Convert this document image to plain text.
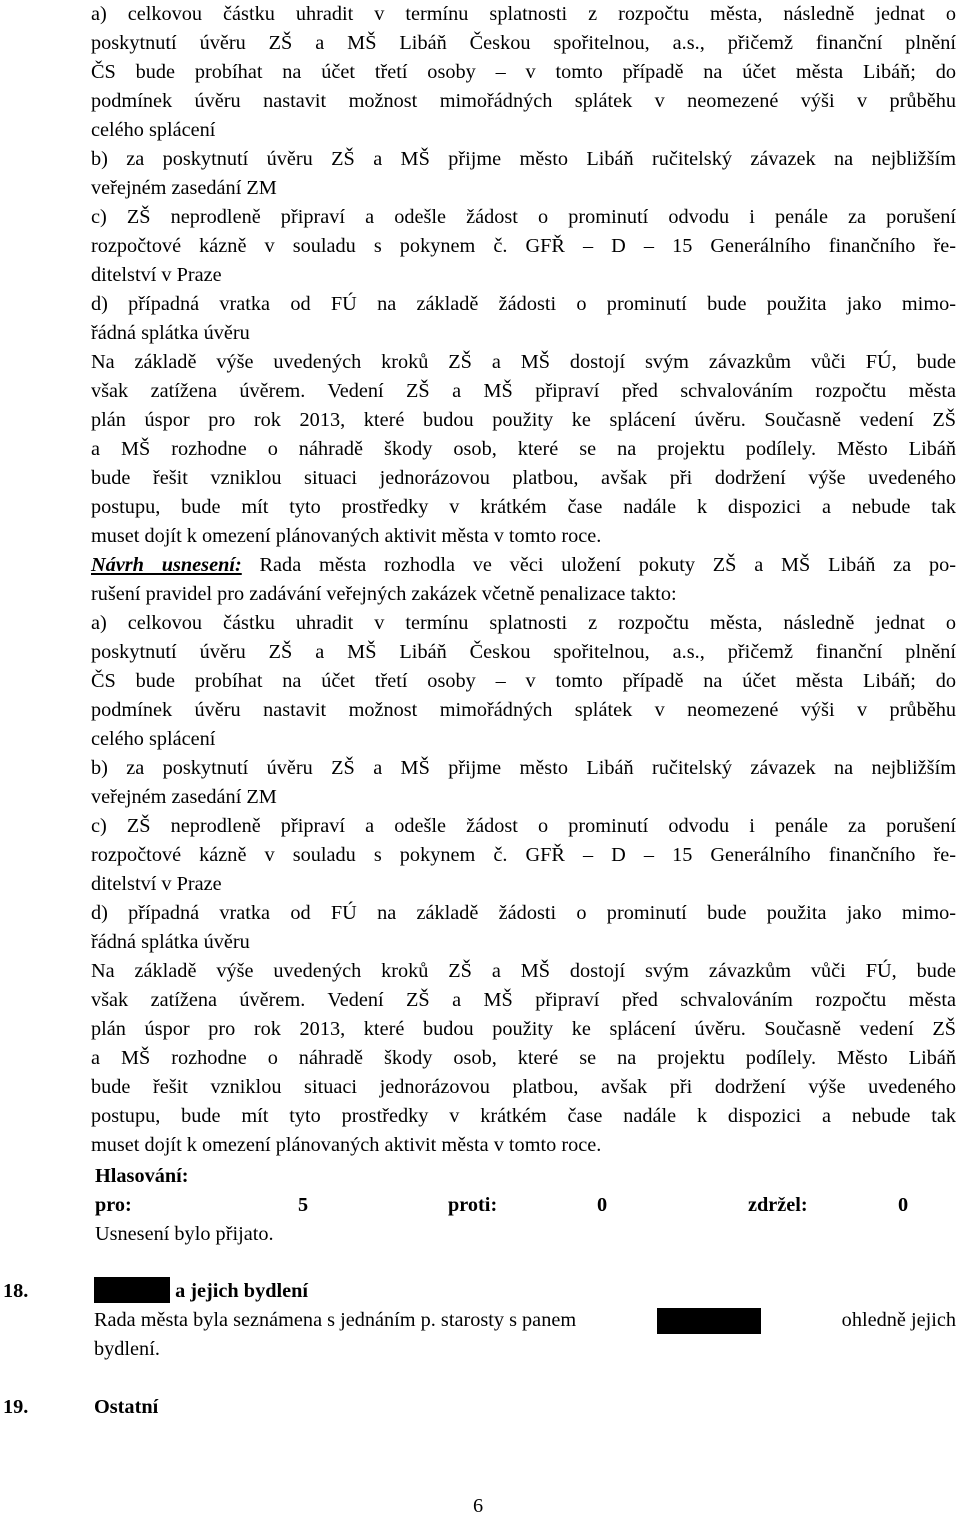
a) celkovou částku uhradit v termínu splatnosti z rozpočtu města, následně jednat o
poskytnutí úvěru ZŠ a MŠ Libáň Českou spořitelnou, a.s., přičemž finanční plnění
ČS bude probíhat na účet třetí osoby – v tomto případě na účet města Libáň; do
podmínek úvěru nastavit možnost mimořádných splátek v neomezené výši v průběhu
celého splácení
b) za poskytnutí úvěru ZŠ a MŠ přijme město Libáň ručitelský závazek na nejbližším
veřejném zasedání ZM
c) ZŠ neprodleně připraví a odešle žádost o prominutí odvodu i penále za porušení
rozpočtové kázně v souladu s pokynem č. GFŘ – D – 15 Generálního finančního ře-
ditelství v Praze
d) případná vratka od FÚ na základě žádosti o prominutí bude použita jako mimo-
řádná splátka úvěru
Na základě výše uvedených kroků ZŠ a MŠ dostojí svým závazkům vůči FÚ, bude
však zatížena úvěrem. Vedení ZŠ a MŠ připraví před schvalováním rozpočtu města
plán úspor pro rok 2013, které budou použity ke splácení úvěru. Současně vedení ZŠ
a MŠ rozhodne o náhradě škody osob, které se na projektu podílely. Město Libáň
bude řešit vzniklou situaci jednorázovou platbou, avšak při dodržení výše uvedeného
postupu, bude mít tyto prostředky v krátkém čase nadále k dispozici a nebude tak
muset dojít k omezení plánovaných aktivit města v tomto roce.
Návrh usnesení: Rada města rozhodla ve věci uložení pokuty ZŠ a MŠ Libáň za po-
rušení pravidel pro zadávání veřejných zakázek včetně penalizace takto:
a) celkovou částku uhradit v termínu splatnosti z rozpočtu města, následně jednat o
poskytnutí úvěru ZŠ a MŠ Libáň Českou spořitelnou, a.s., přičemž finanční plnění
ČS bude probíhat na účet třetí osoby – v tomto případě na účet města Libáň; do
podmínek úvěru nastavit možnost mimořádných splátek v neomezené výši v průběhu
celého splácení
b) za poskytnutí úvěru ZŠ a MŠ přijme město Libáň ručitelský závazek na nejbližším
veřejném zasedání ZM
c) ZŠ neprodleně připraví a odešle žádost o prominutí odvodu i penále za porušení
rozpočtové kázně v souladu s pokynem č. GFŘ – D – 15 Generálního finančního ře-
ditelství v Praze
d) případná vratka od FÚ na základě žádosti o prominutí bude použita jako mimo-
řádná splátka úvěru
Na základě výše uvedených kroků ZŠ a MŠ dostojí svým závazkům vůči FÚ, bude
však zatížena úvěrem. Vedení ZŠ a MŠ připraví před schvalováním rozpočtu města
plán úspor pro rok 2013, které budou použity ke splácení úvěru. Současně vedení ZŠ
a MŠ rozhodne o náhradě škody osob, které se na projektu podílely. Město Libáň
bude řešit vzniklou situaci jednorázovou platbou, avšak při dodržení výše uvedeného
postupu, bude mít tyto prostředky v krátkém čase nadále k dispozici a nebude tak
muset dojít k omezení plánovaných aktivit města v tomto roce.
Hlasování:
pro:	5	proti:	0	zdržel:	0
Usnesení bylo přijato.
18.	a jejich bydlení
Rada města byla seznámena s jednáním p. starosty s panem	ohledně jejich
bydlení.
19.	Ostatní
6
